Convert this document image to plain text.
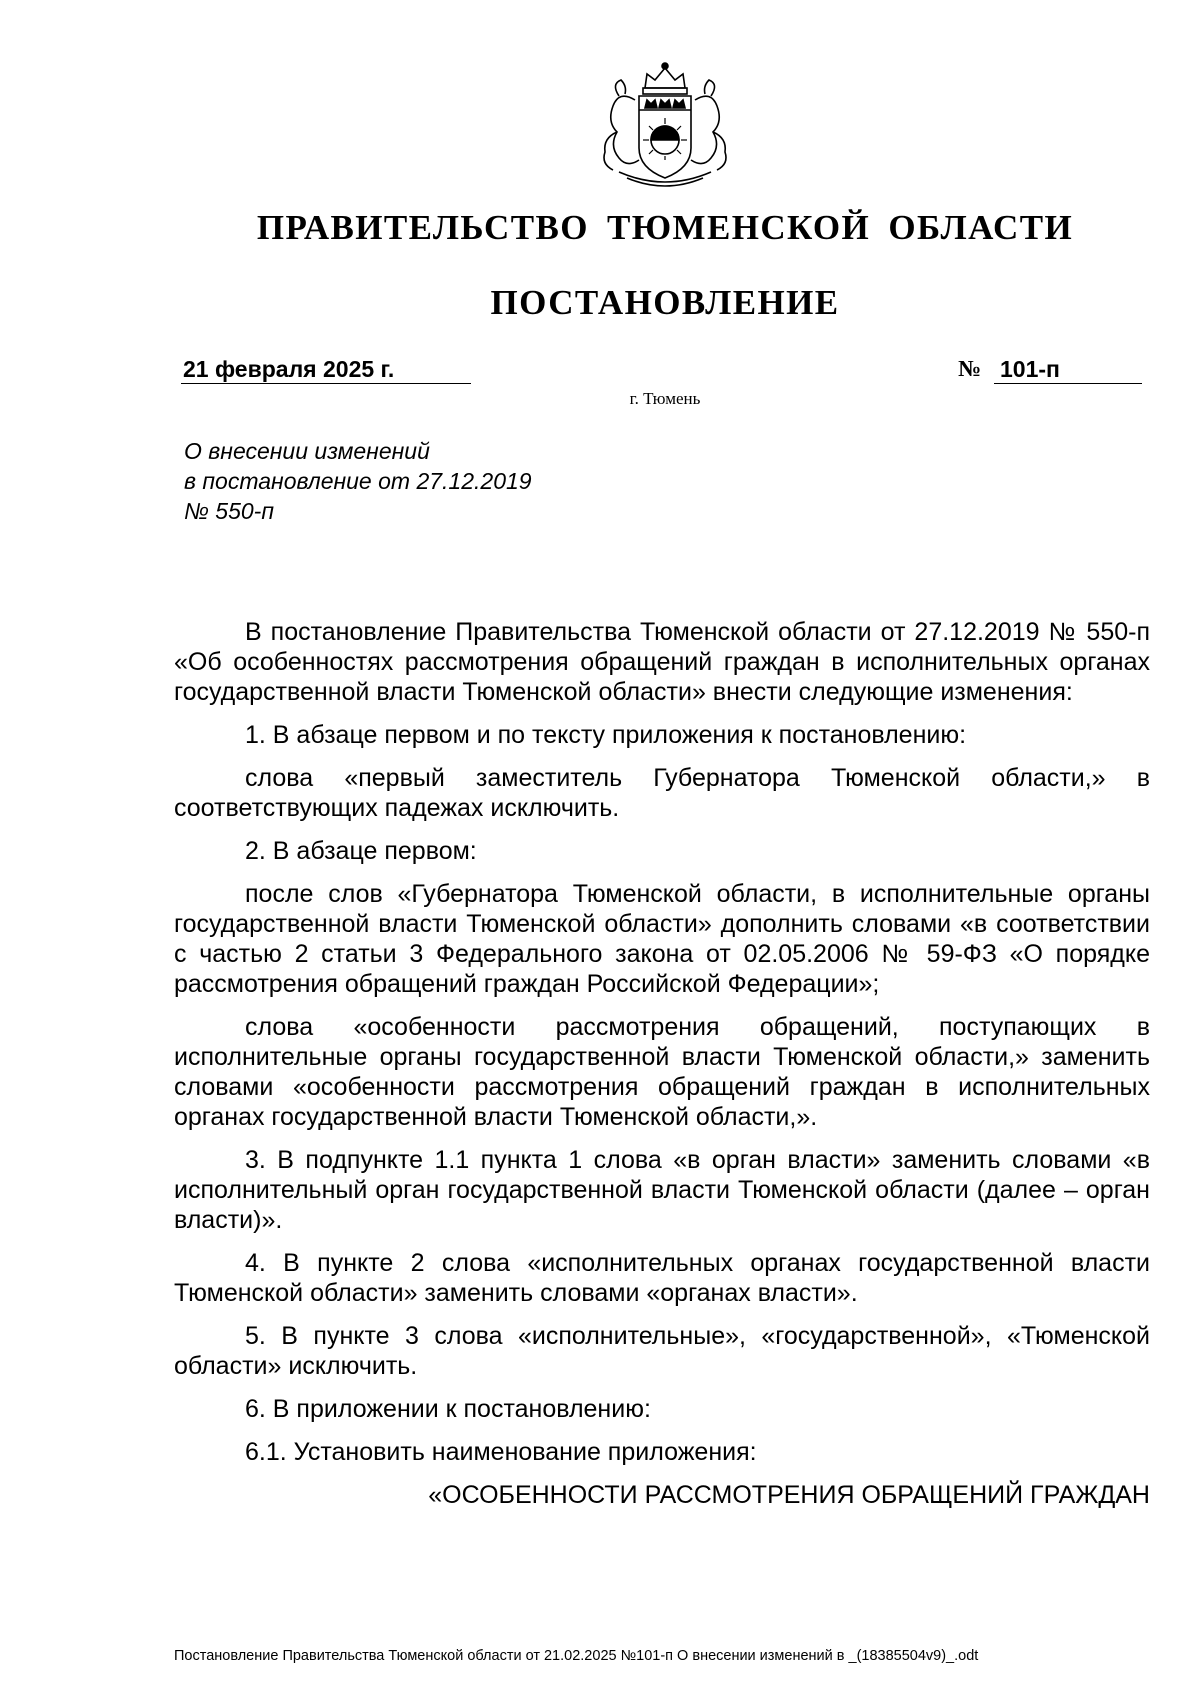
ПРАВИТЕЛЬСТВО ТЮМЕНСКОЙ ОБЛАСТИ
ПОСТАНОВЛЕНИЕ
21 февраля 2025 г.	№ 101-п
г. Тюмень
О внесении изменений
в постановление от 27.12.2019
№ 550-п

В постановление Правительства Тюменской области от 27.12.2019 № 550-п «Об особенностях рассмотрения обращений граждан в исполнительных органах государственной власти Тюменской области» внести следующие изменения:

1. В абзаце первом и по тексту приложения к постановлению:

слова «первый заместитель Губернатора Тюменской области,» в соответствующих падежах исключить.

2. В абзаце первом:

после слов «Губернатора Тюменской области, в исполнительные органы государственной власти Тюменской области» дополнить словами «в соответствии с частью 2 статьи 3 Федерального закона от 02.05.2006 № 59-ФЗ «О порядке рассмотрения обращений граждан Российской Федерации»;

слова «особенности рассмотрения обращений, поступающих в исполнительные органы государственной власти Тюменской области,» заменить словами «особенности рассмотрения обращений граждан в исполнительных органах государственной власти Тюменской области,».

3. В подпункте 1.1 пункта 1 слова «в орган власти» заменить словами «в исполнительный орган государственной власти Тюменской области (далее – орган власти)».

4. В пункте 2 слова «исполнительных органах государственной власти Тюменской области» заменить словами «органах власти».

5. В пункте 3 слова «исполнительные», «государственной», «Тюменской области» исключить.

6. В приложении к постановлению:

6.1. Установить наименование приложения:

«ОСОБЕННОСТИ РАССМОТРЕНИЯ ОБРАЩЕНИЙ ГРАЖДАН

Постановление Правительства Тюменской области от 21.02.2025 №101-п О внесении изменений в _(18385504v9)_.odt
